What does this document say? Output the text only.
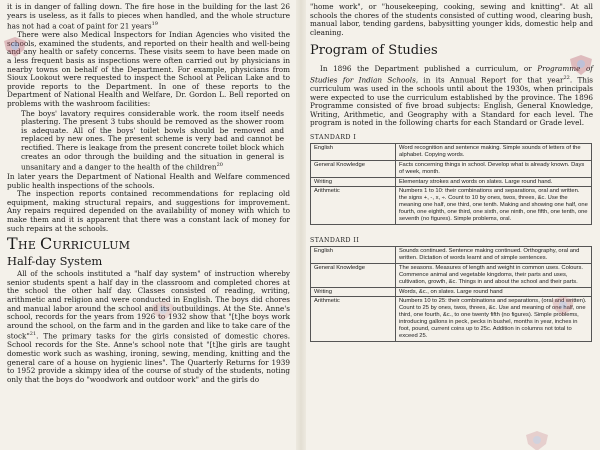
it is in danger of falling down. The fire hose in the building for the last 26 years is useless, as it falls to pieces when handled, and the whole structure has not had a coat of paint for 21 years$^{19}$

There were also Medical Inspectors for Indian Agencies who visited the schools, examined the students, and reported on their health and well-being and any health or safety concerns. These visits seem to have been made on a less frequent basis as inspections were often carried out by physicians in nearby towns on behalf of the Department. For example, physicians from Sioux Lookout were requested to inspect the School at Pelican Lake and to provide reports to the Department. In one of these reports to the Department of National Health and Welfare, Dr. Gordon L. Bell reported on problems with the washroom facilities:

The boys' lavatory requires considerable work. the room itself needs plastering. The present 3 tubs should be removed as the shower room is adequate. All of the boys' toilet bowls should be removed and replaced by new ones. The present scheme is very bad and cannot be rectified. There is leakage from the present concrete toilet block which creates an odor through the building and the situation in general is unsanitary and a danger to the health of the children$^{20}$

In later years the Department of National Health and Welfare commenced public health inspections of the schools.

The inspection reports contained recommendations for replacing old equipment, making structural repairs, and suggestions for improvement. Any repairs required depended on the availability of money with which to make them and it is apparent that there was a constant lack of money for such repairs at the schools.

THE CURRICULUM
Half-day System

All of the schools instituted a "half day system" of instruction whereby senior students spent a half day in the classroom and completed chores at the school the other half day. Classes consisted of reading, writing, arithmetic and religion and were conducted in English. The boys did chores and manual labor around the school and its outbuildings. At the Ste. Anne's school, records for the years from 1926 to 1932 show that "[t]he boys work around the school, on the farm and in the garden and like to take care of the stock"$^{21}$. The primary tasks for the girls consisted of domestic chores. School records for the Ste. Anne's school note that "[t]he girls are taught domestic work such as washing, ironing, sewing, mending, knitting and the general care of a house on hygienic lines". The Quarterly Returns for 1939 to 1952 provide a skimpy idea of the course of study of the students, noting only that the boys do "woodwork and outdoor work" and the girls do

"home work", or "housekeeping, cooking, sewing and knitting". At all schools the chores of the students consisted of cutting wood, clearing bush, manual labor, tending gardens, babysitting younger kids, domestic help and cleaning.

Program of Studies

In 1896 the Department published a curriculum, or Programme of Studies for Indian Schools, in its Annual Report for that year$^{22}$. This curriculum was used in the schools until about the 1930s, when principals were expected to use the curriculum established by the province. The 1896 Programme consisted of five broad subjects: English, General Knowledge, Writing, Arithmetic, and Geography with a Standard for each level. The program is noted in the following charts for each Standard or Grade level.

STANDARD I
English	Word recognition and sentence making. Simple sounds of letters of the alphabet. Copying words.
General Knowledge	Facts concerning things in school. Develop what is already known. Days of week, month.
Writing	Elementary strokes and words on slates. Large round hand.
Arithmetic	Numbers 1 to 10: their combinations and separations, oral and written. the signs +, -, x, ÷. Count to 10 by ones, twos, threes, &c. Use the meaning one half, one third, one tenth. Making and showing one half, one fourth, one eighth, one third, one sixth, one ninth, one fifth, one tenth, one seventh (no figures). Simple problems, oral.
STANDARD II
English	Sounds continued. Sentence making continued. Orthography, oral and written. Dictation of words learnt and of simple sentences.
General Knowledge	The seasons. Measures of length and weight in common uses. Colours. Commence animal and vegetable kingdoms, their parts and uses, cultivation, growth, &c. Things in and about the school and their parts.
Writing	Words, &c., on slates. Large round hand
Arithmetic	Numbers 10 to 25: their combinations and separations, (oral and written). Count to 25 by ones, twos, threes, &c. Use and meaning of one half, one third, one fourth, &c., to one twenty fifth (no figures). Simple problems, introducing gallons in peck, pecks in bushel, months in year, inches in foot, pound, current coins up to 25c. Addition in columns not total to exceed 25.
